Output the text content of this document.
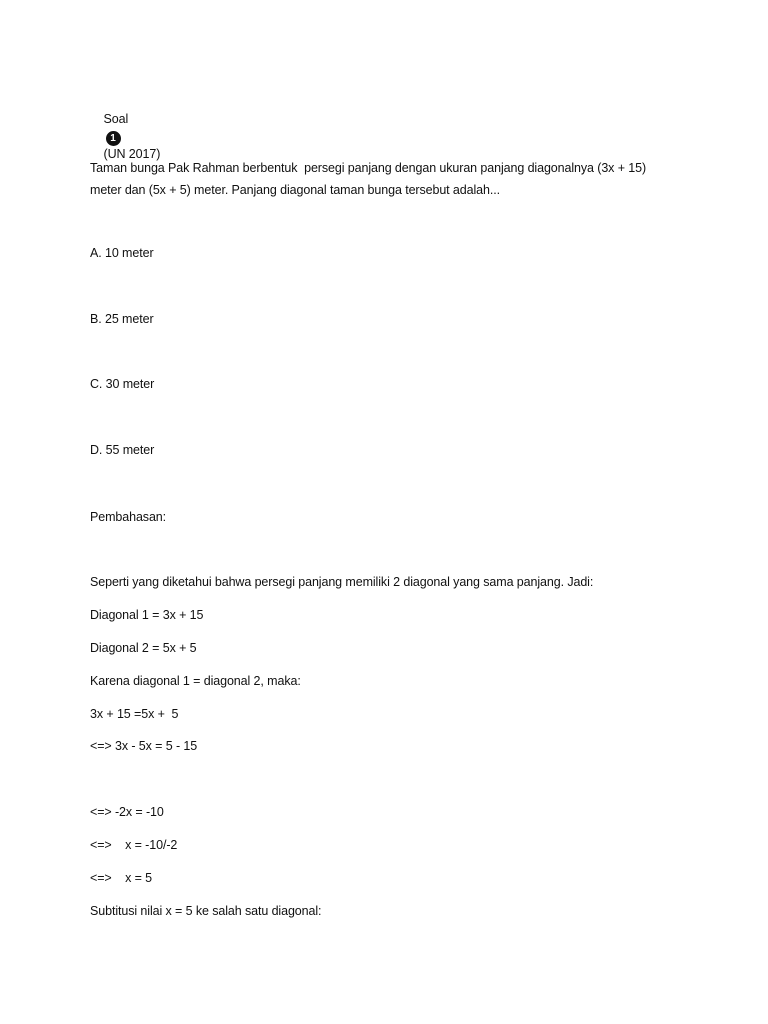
Soal
1
(UN 2017)

Taman bunga Pak Rahman berbentuk  persegi panjang dengan ukuran panjang diagonalnya (3x + 15)
meter dan (5x + 5) meter. Panjang diagonal taman bunga tersebut adalah...
A. 10 meter
B. 25 meter
C. 30 meter
D. 55 meter
Pembahasan:
Seperti yang diketahui bahwa persegi panjang memiliki 2 diagonal yang sama panjang. Jadi:
Diagonal 1 = 3x + 15
Diagonal 2 = 5x + 5
Karena diagonal 1 = diagonal 2, maka:
3x + 15 =5x +  5
<=> 3x - 5x = 5 - 15
<=> -2x = -10
<=>    x = -10/-2
<=>    x = 5
Subtitusi nilai x = 5 ke salah satu diagonal:
